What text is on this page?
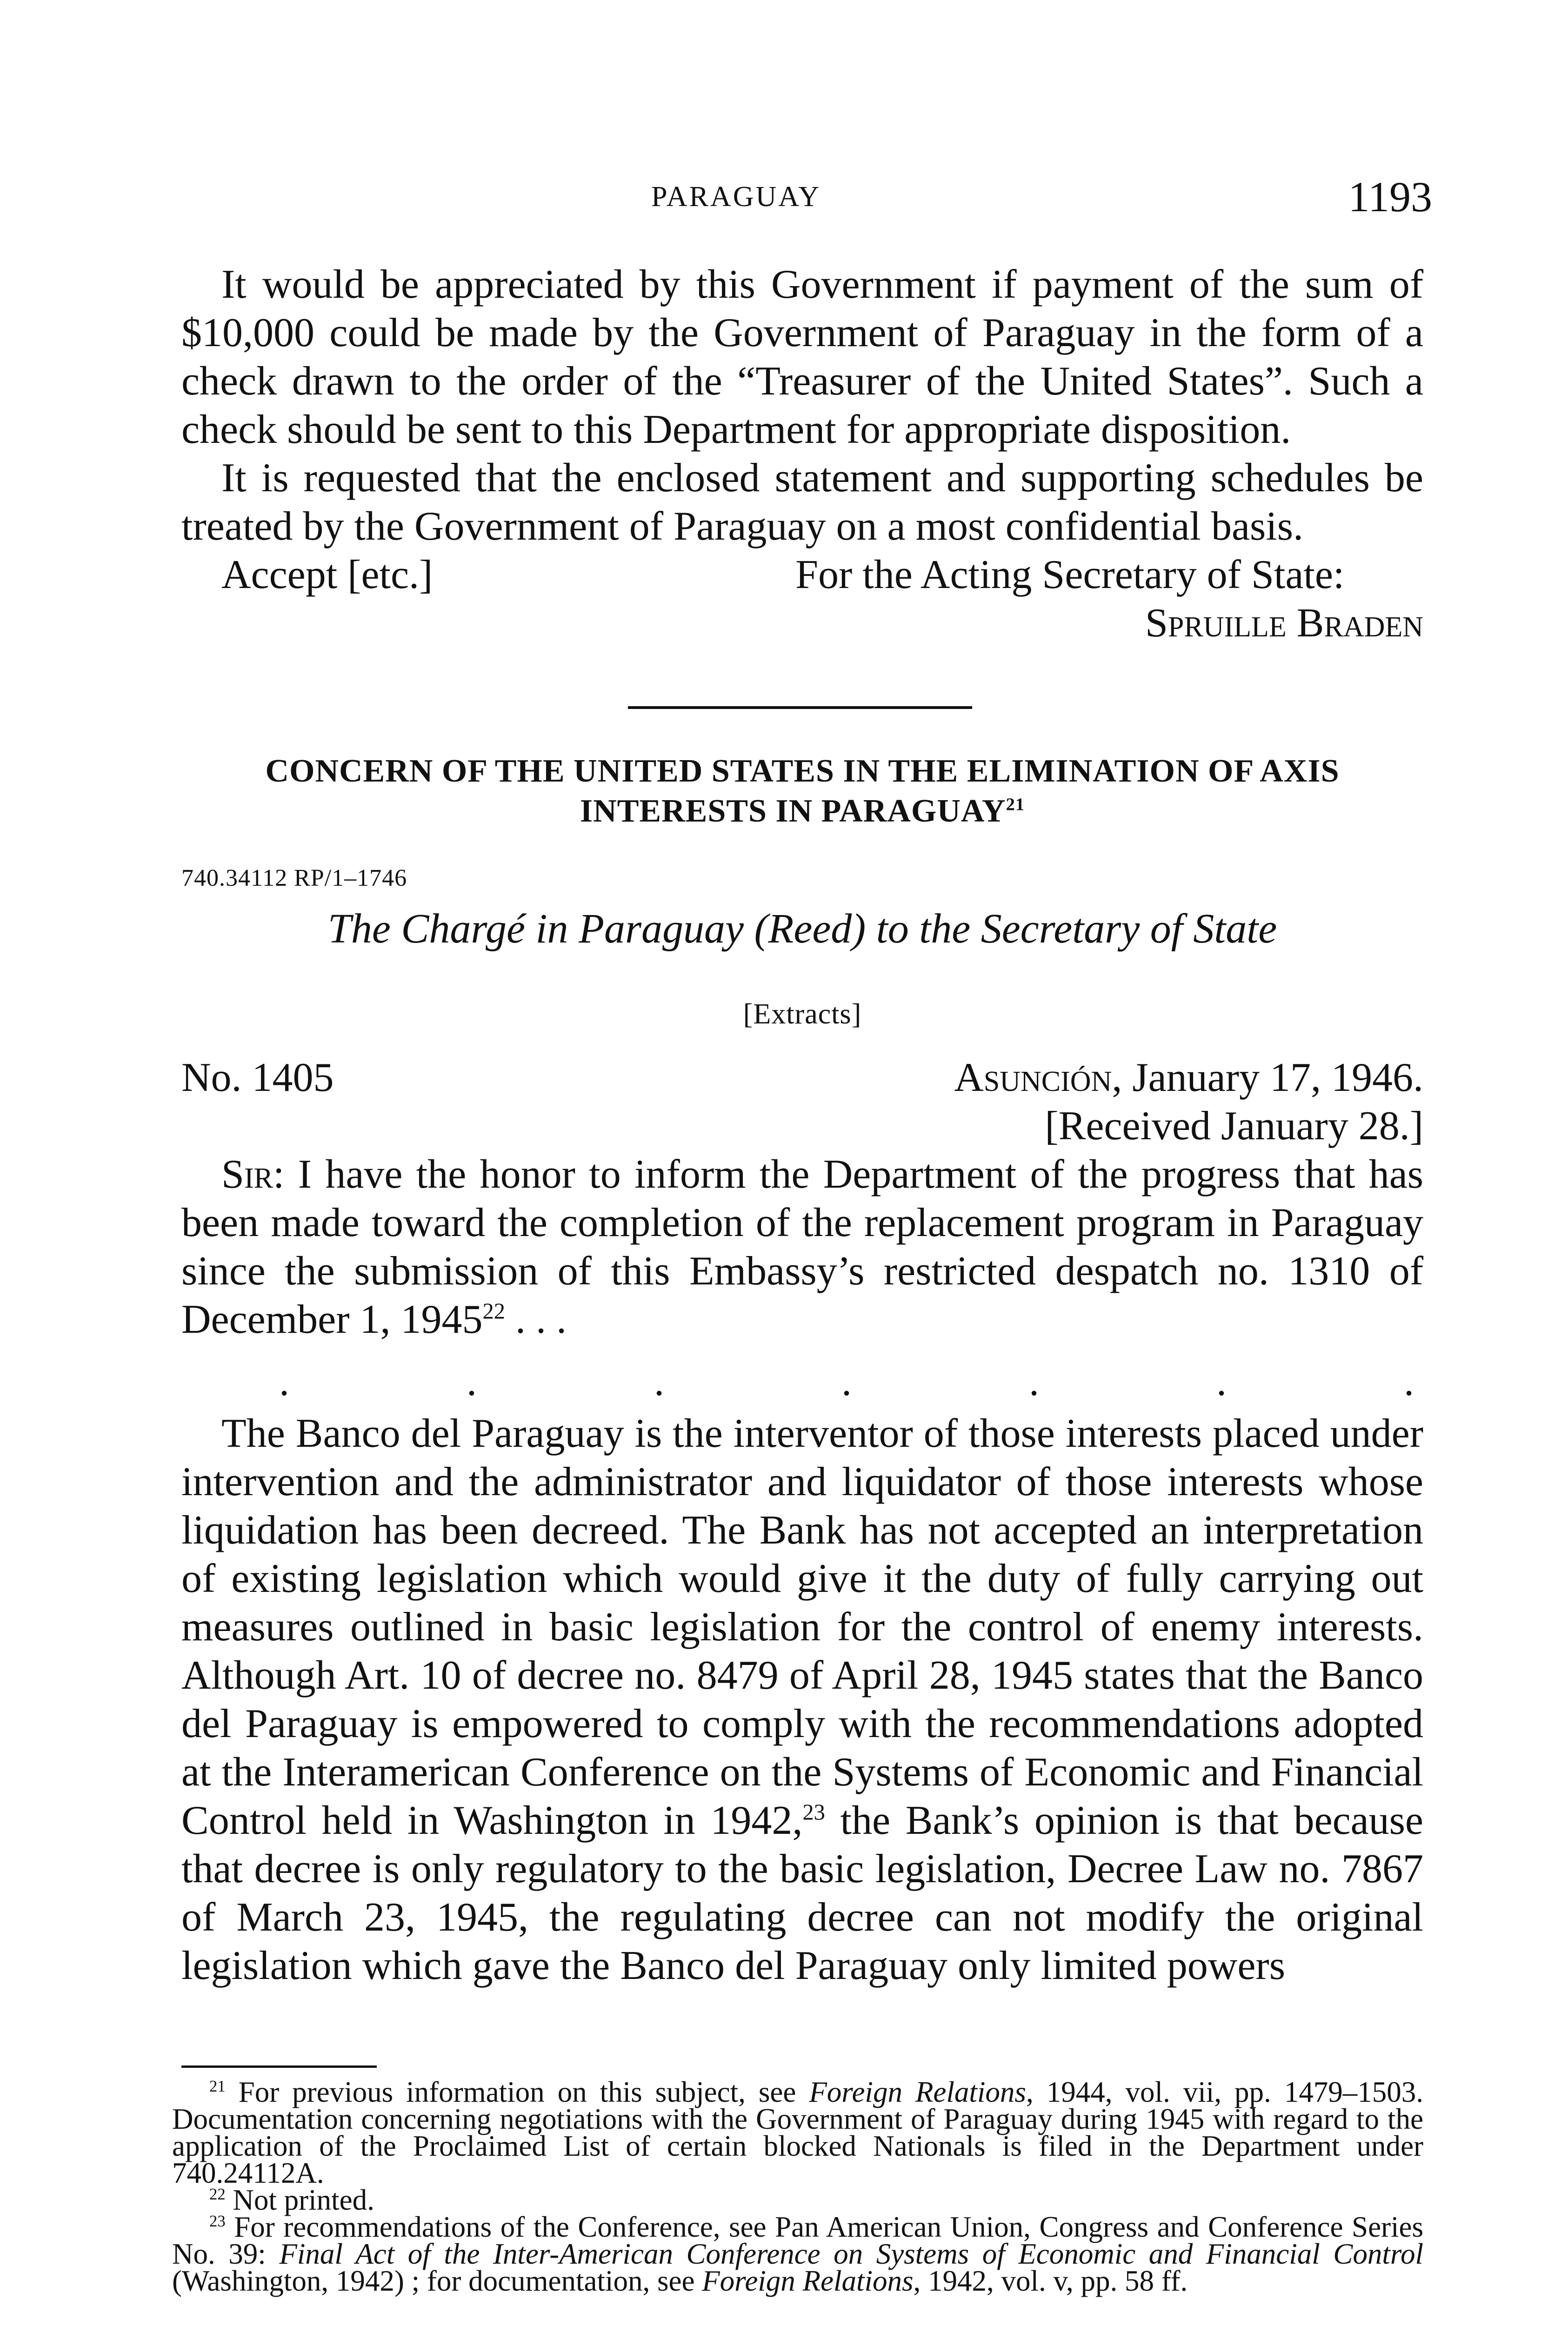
PARAGUAY	1193

It would be appreciated by this Government if payment of the sum of $10,000 could be made by the Government of Paraguay in the form of a check drawn to the order of the “Treasurer of the United States”. Such a check should be sent to this Department for appropriate disposition.

It is requested that the enclosed statement and supporting schedules be treated by the Government of Paraguay on a most confidential basis.

Accept [etc.]	For the Acting Secretary of State:
Spruille Braden
CONCERN OF THE UNITED STATES IN THE ELIMINATION OF AXIS
INTERESTS IN PARAGUAY$^{21}$
740.34112 RP/1–1746
The Chargé in Paraguay (Reed) to the Secretary of State
[Extracts]
No. 1405	Asunción, January 17, 1946.
[Received January 28.]

Sir: I have the honor to inform the Department of the progress that has been made toward the completion of the replacement program in Paraguay since the submission of this Embassy’s restricted despatch no. 1310 of December 1, 1945$^{22}$ . . .

.	.	.	.	.	.	.

The Banco del Paraguay is the interventor of those interests placed under intervention and the administrator and liquidator of those interests whose liquidation has been decreed. The Bank has not accepted an interpretation of existing legislation which would give it the duty of fully carrying out measures outlined in basic legislation for the control of enemy interests. Although Art. 10 of decree no. 8479 of April 28, 1945 states that the Banco del Paraguay is empowered to comply with the recommendations adopted at the Interamerican Conference on the Systems of Economic and Financial Control held in Washington in 1942,23 the Bank’s opinion is that because that decree is only regulatory to the basic legislation, Decree Law no. 7867 of March 23, 1945, the regulating decree can not modify the original legislation which gave the Banco del Paraguay only limited powers

$^{21}$ For previous information on this subject, see Foreign Relations, 1944, vol. vii, pp. 1479–1503. Documentation concerning negotiations with the Government of Paraguay during 1945 with regard to the application of the Proclaimed List of certain blocked Nationals is filed in the Department under 740.24112A.

$^{22}$ Not printed.

$^{23}$ For recommendations of the Conference, see Pan American Union, Congress and Conference Series No. 39: Final Act of the Inter-American Conference on Systems of Economic and Financial Control (Washington, 1942) ; for documentation, see Foreign Relations, 1942, vol. v, pp. 58 ff.
